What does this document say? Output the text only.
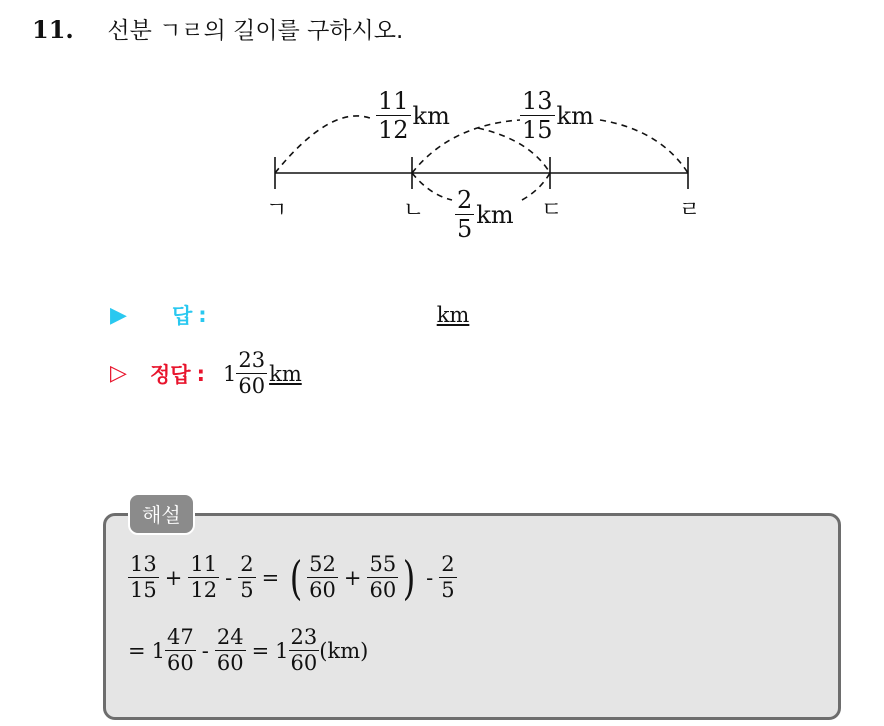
11. 선분 ㄱㄹ의 길이를 구하시오.
$\frac{11}{12}$ km	$\frac{13}{15}$ km
$\frac{2}{5}$ km
ㄱ	ㄴ	ㄷ	ㄹ
▶	답 :	km
▷	정답 : $1 \frac{23}{60}$ km
해설
$\frac{13}{15} + \frac{11}{12} - \frac{2}{5}$ = ( $\frac{52}{60} + \frac{55}{60}$ ) - $\frac{2}{5}$
= $1 \frac{47}{60} - \frac{24}{60} = 1 \frac{23}{60} (km)$
